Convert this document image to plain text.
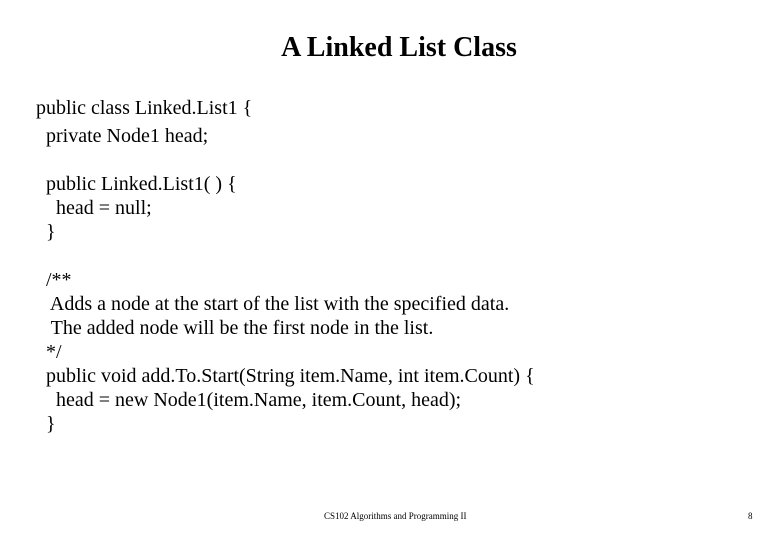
A Linked List Class
public class Linked.List1 {
private Node1 head;
public Linked.List1( ) {
head = null;
}
/**
Adds a node at the start of the list with the specified data.
The added node will be the first node in the list.
*/
public void add.To.Start(String item.Name, int item.Count) {
head = new Node1(item.Name, item.Count, head);
}
CS102 Algorithms and Programming II	8
